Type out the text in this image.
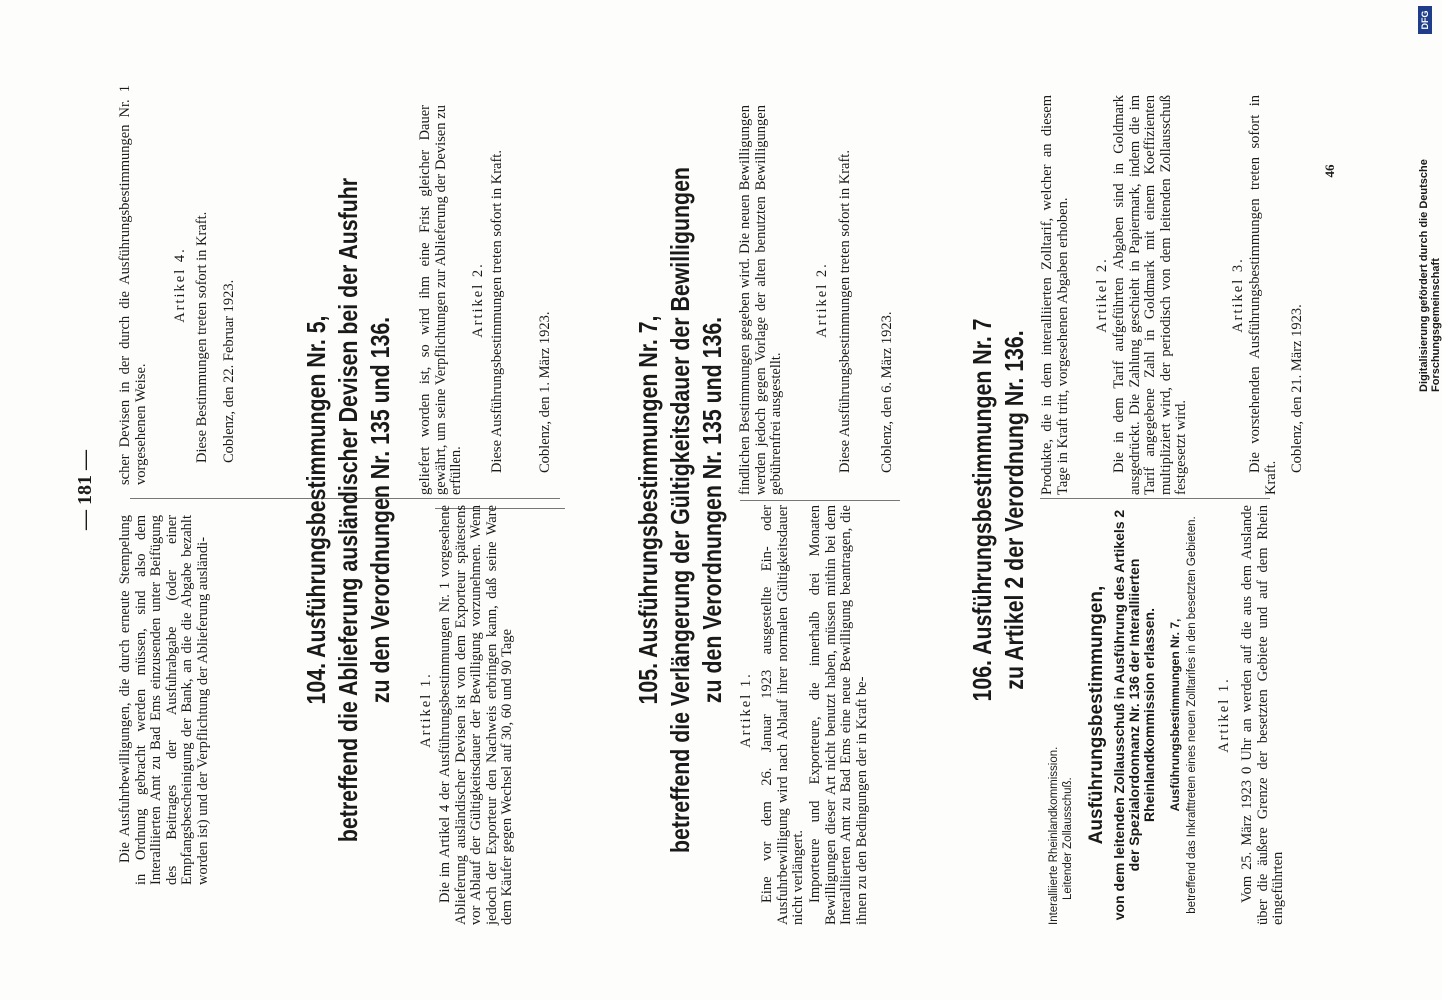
— 181 —
Die Ausfuhrbewilligungen, die durch erneute Stempelung in Ordnung gebracht werden müssen, sind also dem Interalliierten Amt zu Bad Ems einzusenden unter Beifügung des Beitrages der Ausfuhrabgabe (oder einer Empfangsbescheinigung der Bank, an die die Abgabe bezahlt worden ist) und der Verpflichtung der Ablieferung ausländi-
scher Devisen in der durch die Ausführungsbestimmungen Nr. 1 vorgesehenen Weise.
Artikel 4. Diese Bestimmungen treten sofort in Kraft. Coblenz, den 22. Februar 1923. 104. Ausführungsbestimmungen Nr. 5, betreffend die Ablieferung ausländischer Devisen bei der Ausfuhr zu den Verordnungen Nr. 135 und 136.
Artikel 1. Die im Artikel 4 der Ausführungsbestimmungen Nr. 1 vorgesehene Ablieferung ausländischer Devisen ist von dem Exporteur spätestens vor Ablauf der Gültigkeitsdauer der Bewilligung vorzunehmen. Wenn jedoch der Exporteur den Nachweis erbringen kann, daß seine Ware dem Käufer gegen Wechsel auf 30, 60 und 90 Tage
geliefert worden ist, so wird ihm eine Frist gleicher Dauer gewährt, um seine Verpflichtungen zur Ablieferung der Devisen zu erfüllen.
Artikel 2. Diese Ausführungsbestimmungen treten sofort in Kraft. Coblenz, den 1. März 1923.	105. Ausführungsbestimmungen Nr. 7, betreffend die Verlängerung der Gültigkeitsdauer der Bewilligungen zu den Verordnungen Nr. 135 und 136.
Artikel 1. Eine vor dem 26. Januar 1923 ausgestellte Ein- oder Ausfuhrbewilligung wird nach Ablauf ihrer normalen Gültigkeitsdauer nicht verlängert. Importeure und Exporteure, die innerhalb drei Monaten Bewilligungen dieser Art nicht benutzt haben, müssen mithin bei dem Interalliierten Amt zu Bad Ems eine neue Bewilligung beantragen, die ihnen zu den Bedingungen der in Kraft be-
findlichen Bestimmungen gegeben wird. Die neuen Bewilligungen werden jedoch gegen Vorlage der alten benutzten Bewilligungen gebührenfrei ausgestellt.
Artikel 2. Diese Ausführungsbestimmungen treten sofort in Kraft. Coblenz, den 6. März 1923.	106. Ausführungsbestimmungen Nr. 7 zu Artikel 2 der Verordnung Nr. 136.
Interalliierte Rheinlandkommission. Leitender Zollausschuß. Ausführungsbestimmungen, von dem leitenden Zollausschuß in Ausführung des Artikels 2 der Spezialordonnanz Nr. 136 der Interalliierten Rheinlandkommission erlassen. Ausführungsbestimmungen Nr. 7, betreffend das Inkrafttreten eines neuen Zolltarifes in den besetzten Gebieten. Artikel 1. Vom 25. März 1923 0 Uhr an werden auf die aus dem Auslande über die äußere Grenze der besetzten Gebiete und auf dem Rhein eingeführten
Produkte, die in dem interalliierten Zolltarif, welcher an diesem Tage in Kraft tritt, vorgesehenen Abgaben erhoben. Artikel 2. Die in dem Tarif aufgeführten Abgaben sind in Goldmark ausgedrückt. Die Zahlung geschieht in Papiermark, indem die im Tarif angegebene Zahl in Goldmark mit einem Koeffizienten multipliziert wird, der periodisch von dem leitenden Zollausschuß festgesetzt wird.
Artikel 3. Die vorstehenden Ausführungsbestimmungen treten sofort in Kraft.
Coblenz, den 21. März 1923.
46	Digitalisierung gefördert durch die Deutsche Forschungsgemeinschaft
DFG
